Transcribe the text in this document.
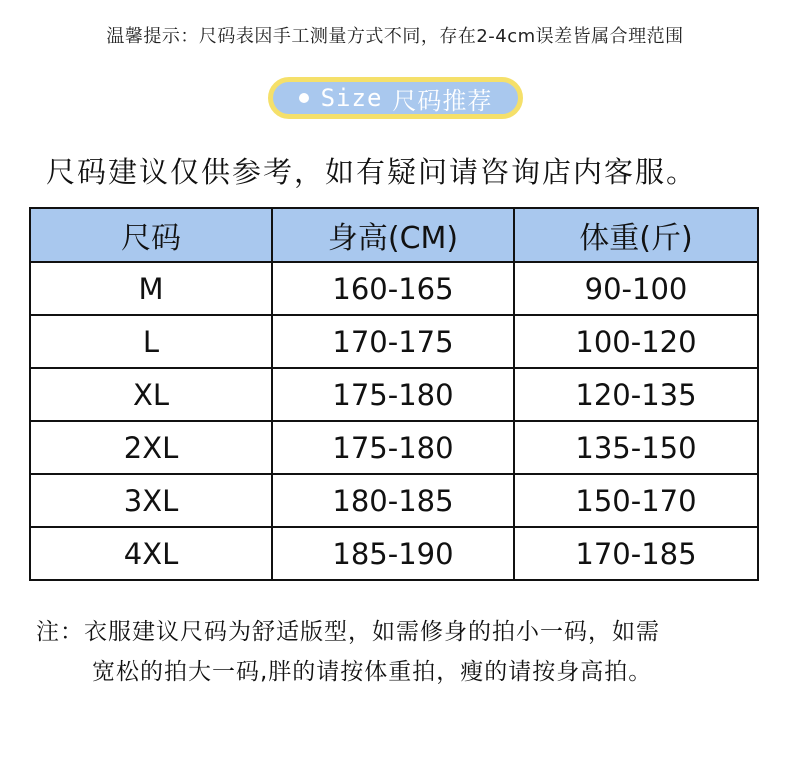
温馨提示：尺码表因手工测量方式不同，存在2-4cm误差皆属合理范围
Size 尺码推荐
尺码建议仅供参考，如有疑问请咨询店内客服。
尺码	身高(CM)	体重(斤)
M	160-165	90-100
L	170-175	100-120
XL	175-180	120-135
2XL	175-180	135-150
3XL	180-185	150-170
4XL	185-190	170-185
注：衣服建议尺码为舒适版型，如需修身的拍小一码，如需
宽松的拍大一码,胖的请按体重拍，瘦的请按身高拍。
